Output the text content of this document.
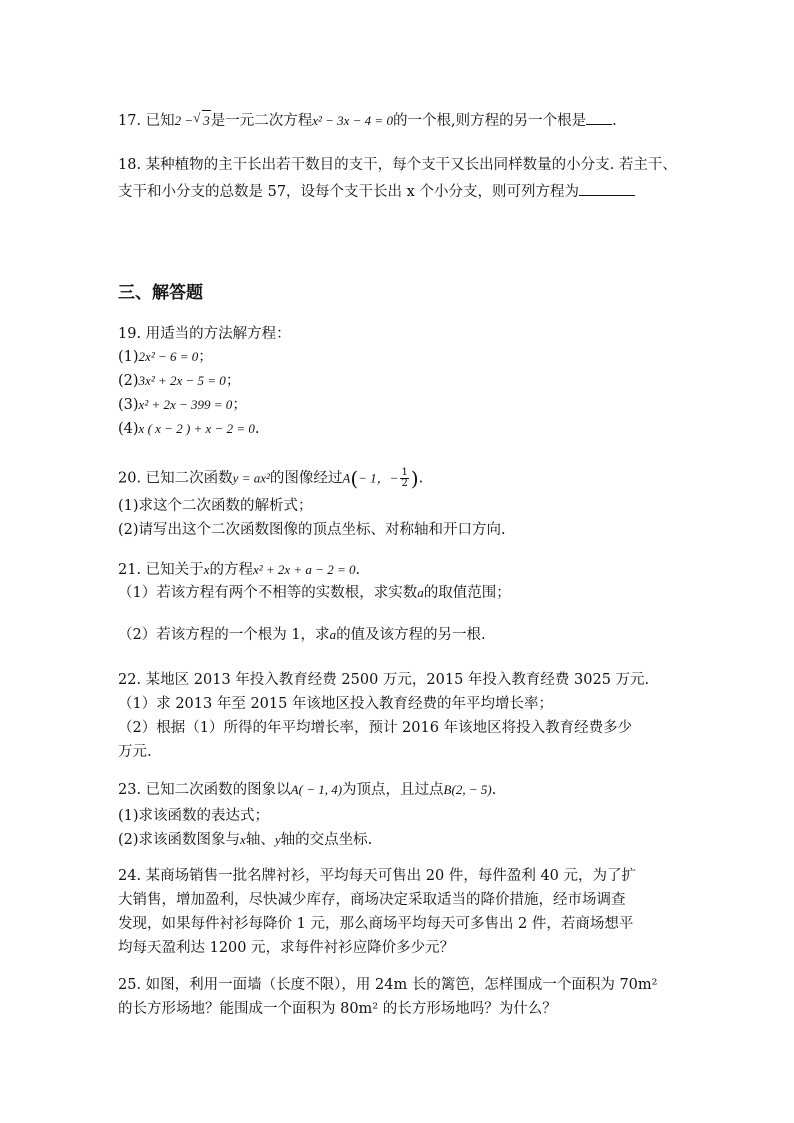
17. 已知2 − √ 3是一元二次方程x² − 3x − 4 = 0的一个根,则方程的另一个根是 .
18. 某种植物的主干长出若干数目的支干，每个支干又长出同样数量的小分支. 若主干、
支干和小分支的总数是 57，设每个支干长出 x 个小分支，则可列方程为
三、解答题
19. 用适当的方法解方程：
(1)2x² − 6 = 0；
(2)3x² + 2x − 5 = 0；
(3)x² + 2x − 399 = 0；
(4)x ( x − 2 ) + x − 2 = 0.
20. 已知二次函数y = ax²的图像经过A(− 1，− $\frac{1}{2}$ ).
(1)求这个二次函数的解析式；
(2)请写出这个二次函数图像的顶点坐标、对称轴和开口方向.
21. 已知关于x的方程x² + 2x + a − 2 = 0.
（1）若该方程有两个不相等的实数根，求实数a的取值范围；
（2）若该方程的一个根为 1，求a的值及该方程的另一根.
22. 某地区 2013 年投入教育经费 2500 万元，2015 年投入教育经费 3025 万元.
（1）求 2013 年至 2015 年该地区投入教育经费的年平均增长率；
（2）根据（1）所得的年平均增长率，预计 2016 年该地区将投入教育经费多少
万元.
23. 已知二次函数的图象以A( − 1, 4)为顶点，且过点B(2, − 5).
(1)求该函数的表达式；
(2)求该函数图象与x轴、y轴的交点坐标.
24. 某商场销售一批名牌衬衫，平均每天可售出 20 件，每件盈利 40 元，为了扩
大销售，增加盈利，尽快减少库存，商场决定采取适当的降价措施，经市场调查
发现，如果每件衬衫每降价 1 元，那么商场平均每天可多售出 2 件，若商场想平
均每天盈利达 1200 元，求每件衬衫应降价多少元？
25. 如图，利用一面墙（长度不限），用 24m 长的篱笆，怎样围成一个面积为 70m²
的长方形场地？能围成一个面积为 80m² 的长方形场地吗？为什么？
